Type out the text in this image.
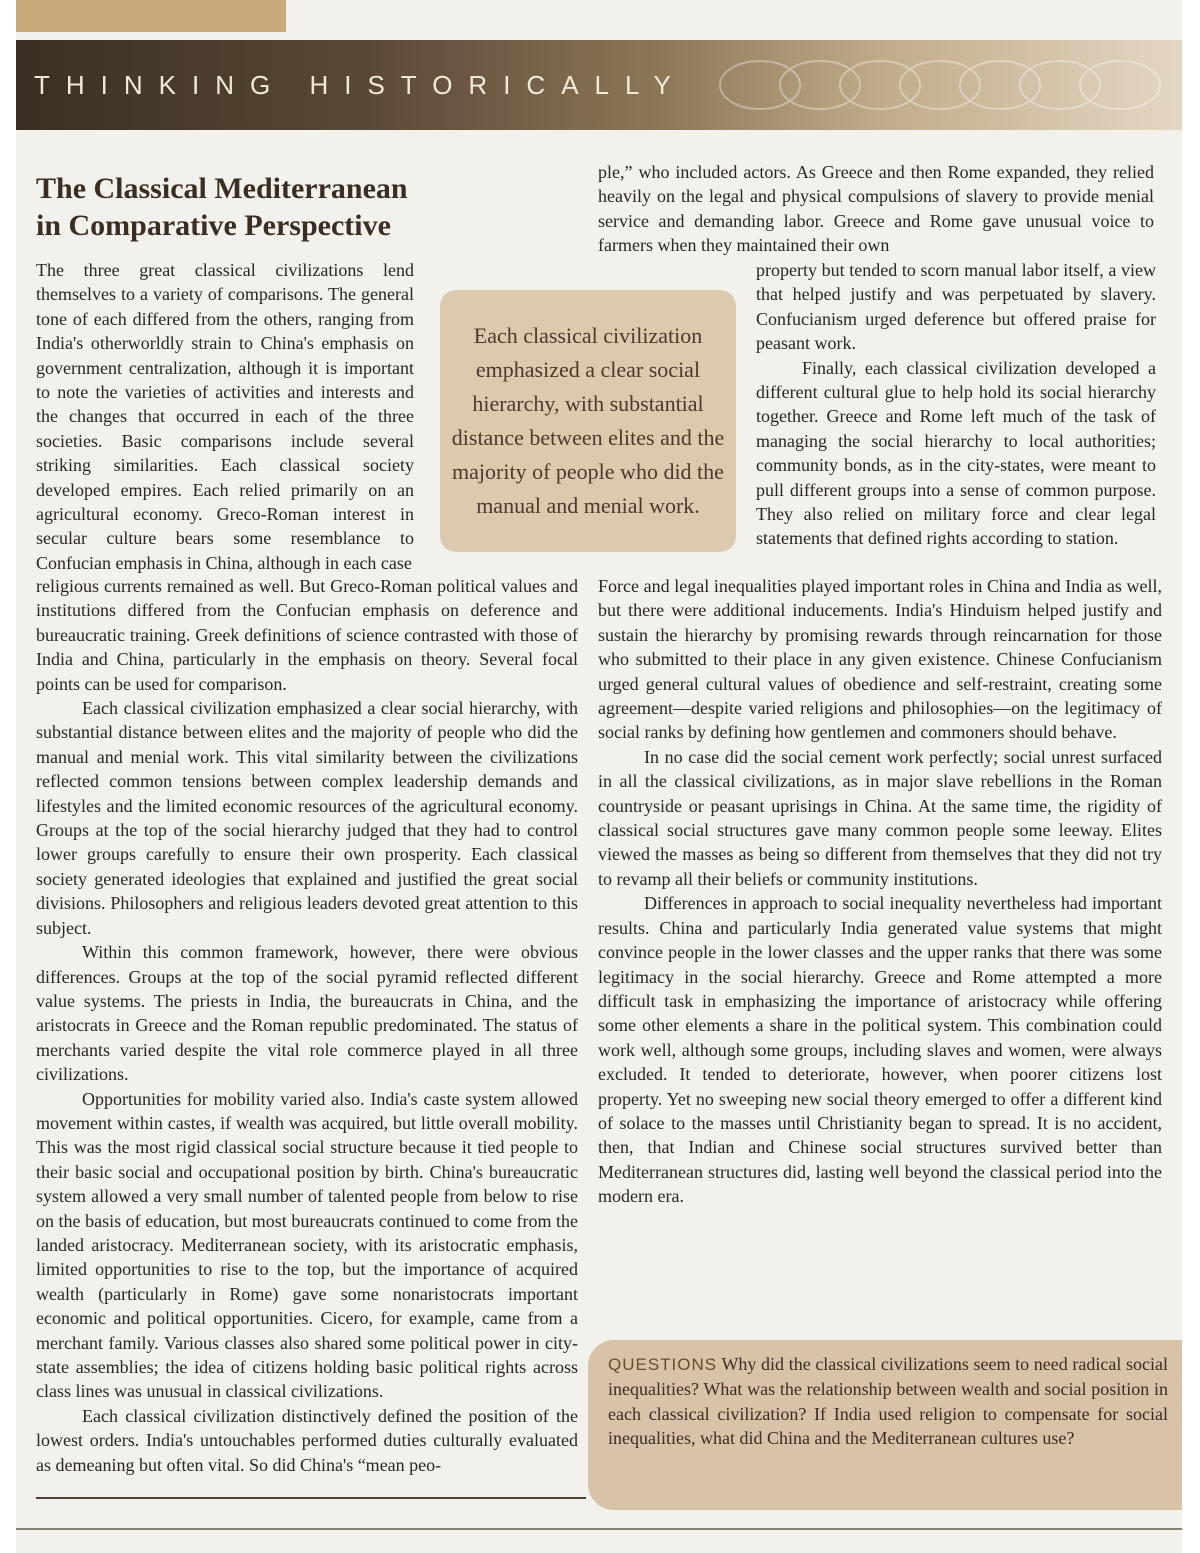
THINKING HISTORICALLY
The Classical Mediterranean
in Comparative Perspective

The three great classical civilizations lend themselves to a variety of comparisons. The general tone of each differed from the others, ranging from India's otherworldly strain to China's emphasis on government centralization, although it is important to note the varieties of activities and interests and the changes that occurred in each of the three societies. Basic comparisons include several striking similarities. Each classical society developed empires. Each relied primarily on an agricultural economy. Greco-Roman interest in secular culture bears some resemblance to Confucian emphasis in China, although in each case

Each classical civilization emphasized a clear social hierarchy, with substantial distance between elites and the majority of people who did the manual and menial work.

religious currents remained as well. But Greco-Roman political values and institutions differed from the Confucian emphasis on deference and bureaucratic training. Greek definitions of science contrasted with those of India and China, particularly in the emphasis on theory. Several focal points can be used for comparison.

Each classical civilization emphasized a clear social hierarchy, with substantial distance between elites and the majority of people who did the manual and menial work. This vital similarity between the civilizations reflected common tensions between complex leadership demands and lifestyles and the limited economic resources of the agricultural economy. Groups at the top of the social hierarchy judged that they had to control lower groups carefully to ensure their own prosperity. Each classical society generated ideologies that explained and justified the great social divisions. Philosophers and religious leaders devoted great attention to this subject.

Within this common framework, however, there were obvious differences. Groups at the top of the social pyramid reflected different value systems. The priests in India, the bureaucrats in China, and the aristocrats in Greece and the Roman republic predominated. The status of merchants varied despite the vital role commerce played in all three civilizations.

Opportunities for mobility varied also. India's caste system allowed movement within castes, if wealth was acquired, but little overall mobility. This was the most rigid classical social structure because it tied people to their basic social and occupational position by birth. China's bureaucratic system allowed a very small number of talented people from below to rise on the basis of education, but most bureaucrats continued to come from the landed aristocracy. Mediterranean society, with its aristocratic emphasis, limited opportunities to rise to the top, but the importance of acquired wealth (particularly in Rome) gave some nonaristocrats important economic and political opportunities. Cicero, for example, came from a merchant family. Various classes also shared some political power in city-state assemblies; the idea of citizens holding basic political rights across class lines was unusual in classical civilizations.

Each classical civilization distinctively defined the position of the lowest orders. India's untouchables performed duties culturally evaluated as demeaning but often vital. So did China's “mean peo-

ple,” who included actors. As Greece and then Rome expanded, they relied heavily on the legal and physical compulsions of slavery to provide menial service and demanding labor. Greece and Rome gave unusual voice to farmers when they maintained their own

property but tended to scorn manual labor itself, a view that helped justify and was perpetuated by slavery. Confucianism urged deference but offered praise for peasant work.

Finally, each classical civilization developed a different cultural glue to help hold its social hierarchy together. Greece and Rome left much of the task of managing the social hierarchy to local authorities; community bonds, as in the city-states, were meant to pull different groups into a sense of common purpose. They also relied on military force and clear legal statements that defined rights according to station.

Force and legal inequalities played important roles in China and India as well, but there were additional inducements. India's Hinduism helped justify and sustain the hierarchy by promising rewards through reincarnation for those who submitted to their place in any given existence. Chinese Confucianism urged general cultural values of obedience and self-restraint, creating some agreement—despite varied religions and philosophies—on the legitimacy of social ranks by defining how gentlemen and commoners should behave.

In no case did the social cement work perfectly; social unrest surfaced in all the classical civilizations, as in major slave rebellions in the Roman countryside or peasant uprisings in China. At the same time, the rigidity of classical social structures gave many common people some leeway. Elites viewed the masses as being so different from themselves that they did not try to revamp all their beliefs or community institutions.

Differences in approach to social inequality nevertheless had important results. China and particularly India generated value systems that might convince people in the lower classes and the upper ranks that there was some legitimacy in the social hierarchy. Greece and Rome attempted a more difficult task in emphasizing the importance of aristocracy while offering some other elements a share in the political system. This combination could work well, although some groups, including slaves and women, were always excluded. It tended to deteriorate, however, when poorer citizens lost property. Yet no sweeping new social theory emerged to offer a different kind of solace to the masses until Christianity began to spread. It is no accident, then, that Indian and Chinese social structures survived better than Mediterranean structures did, lasting well beyond the classical period into the modern era.

QUESTIONS Why did the classical civilizations seem to need radical social inequalities? What was the relationship between wealth and social position in each classical civilization? If India used religion to compensate for social inequalities, what did China and the Mediterranean cultures use?
